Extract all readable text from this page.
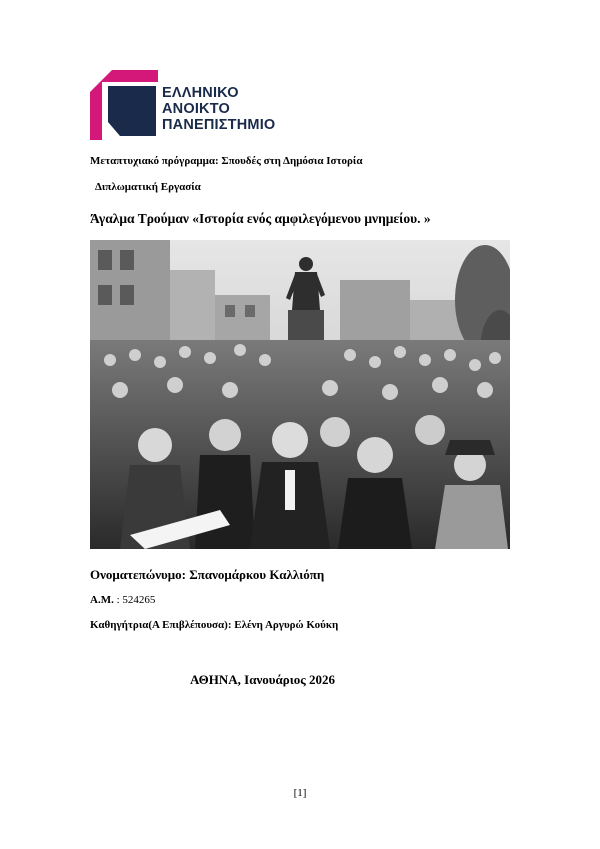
ΕΛΛΗΝΙΚΟ
ΑΝΟΙΚΤΟ
ΠΑΝΕΠΙΣΤΗΜΙΟ
Μεταπτυχιακό πρόγραμμα: Σπουδές στη Δημόσια Ιστορία
Διπλωματική Εργασία
Άγαλμα Τρούμαν «Ιστορία ενός αμφιλεγόμενου μνημείου. »
Ονοματεπώνυμο: Σπανομάρκου Καλλιόπη
Α.Μ. : 524265
Καθηγήτρια(Α Επιβλέπουσα): Ελένη Αργυρώ Κούκη
ΑΘΗΝΑ, Ιανουάριος 2026
[1]
